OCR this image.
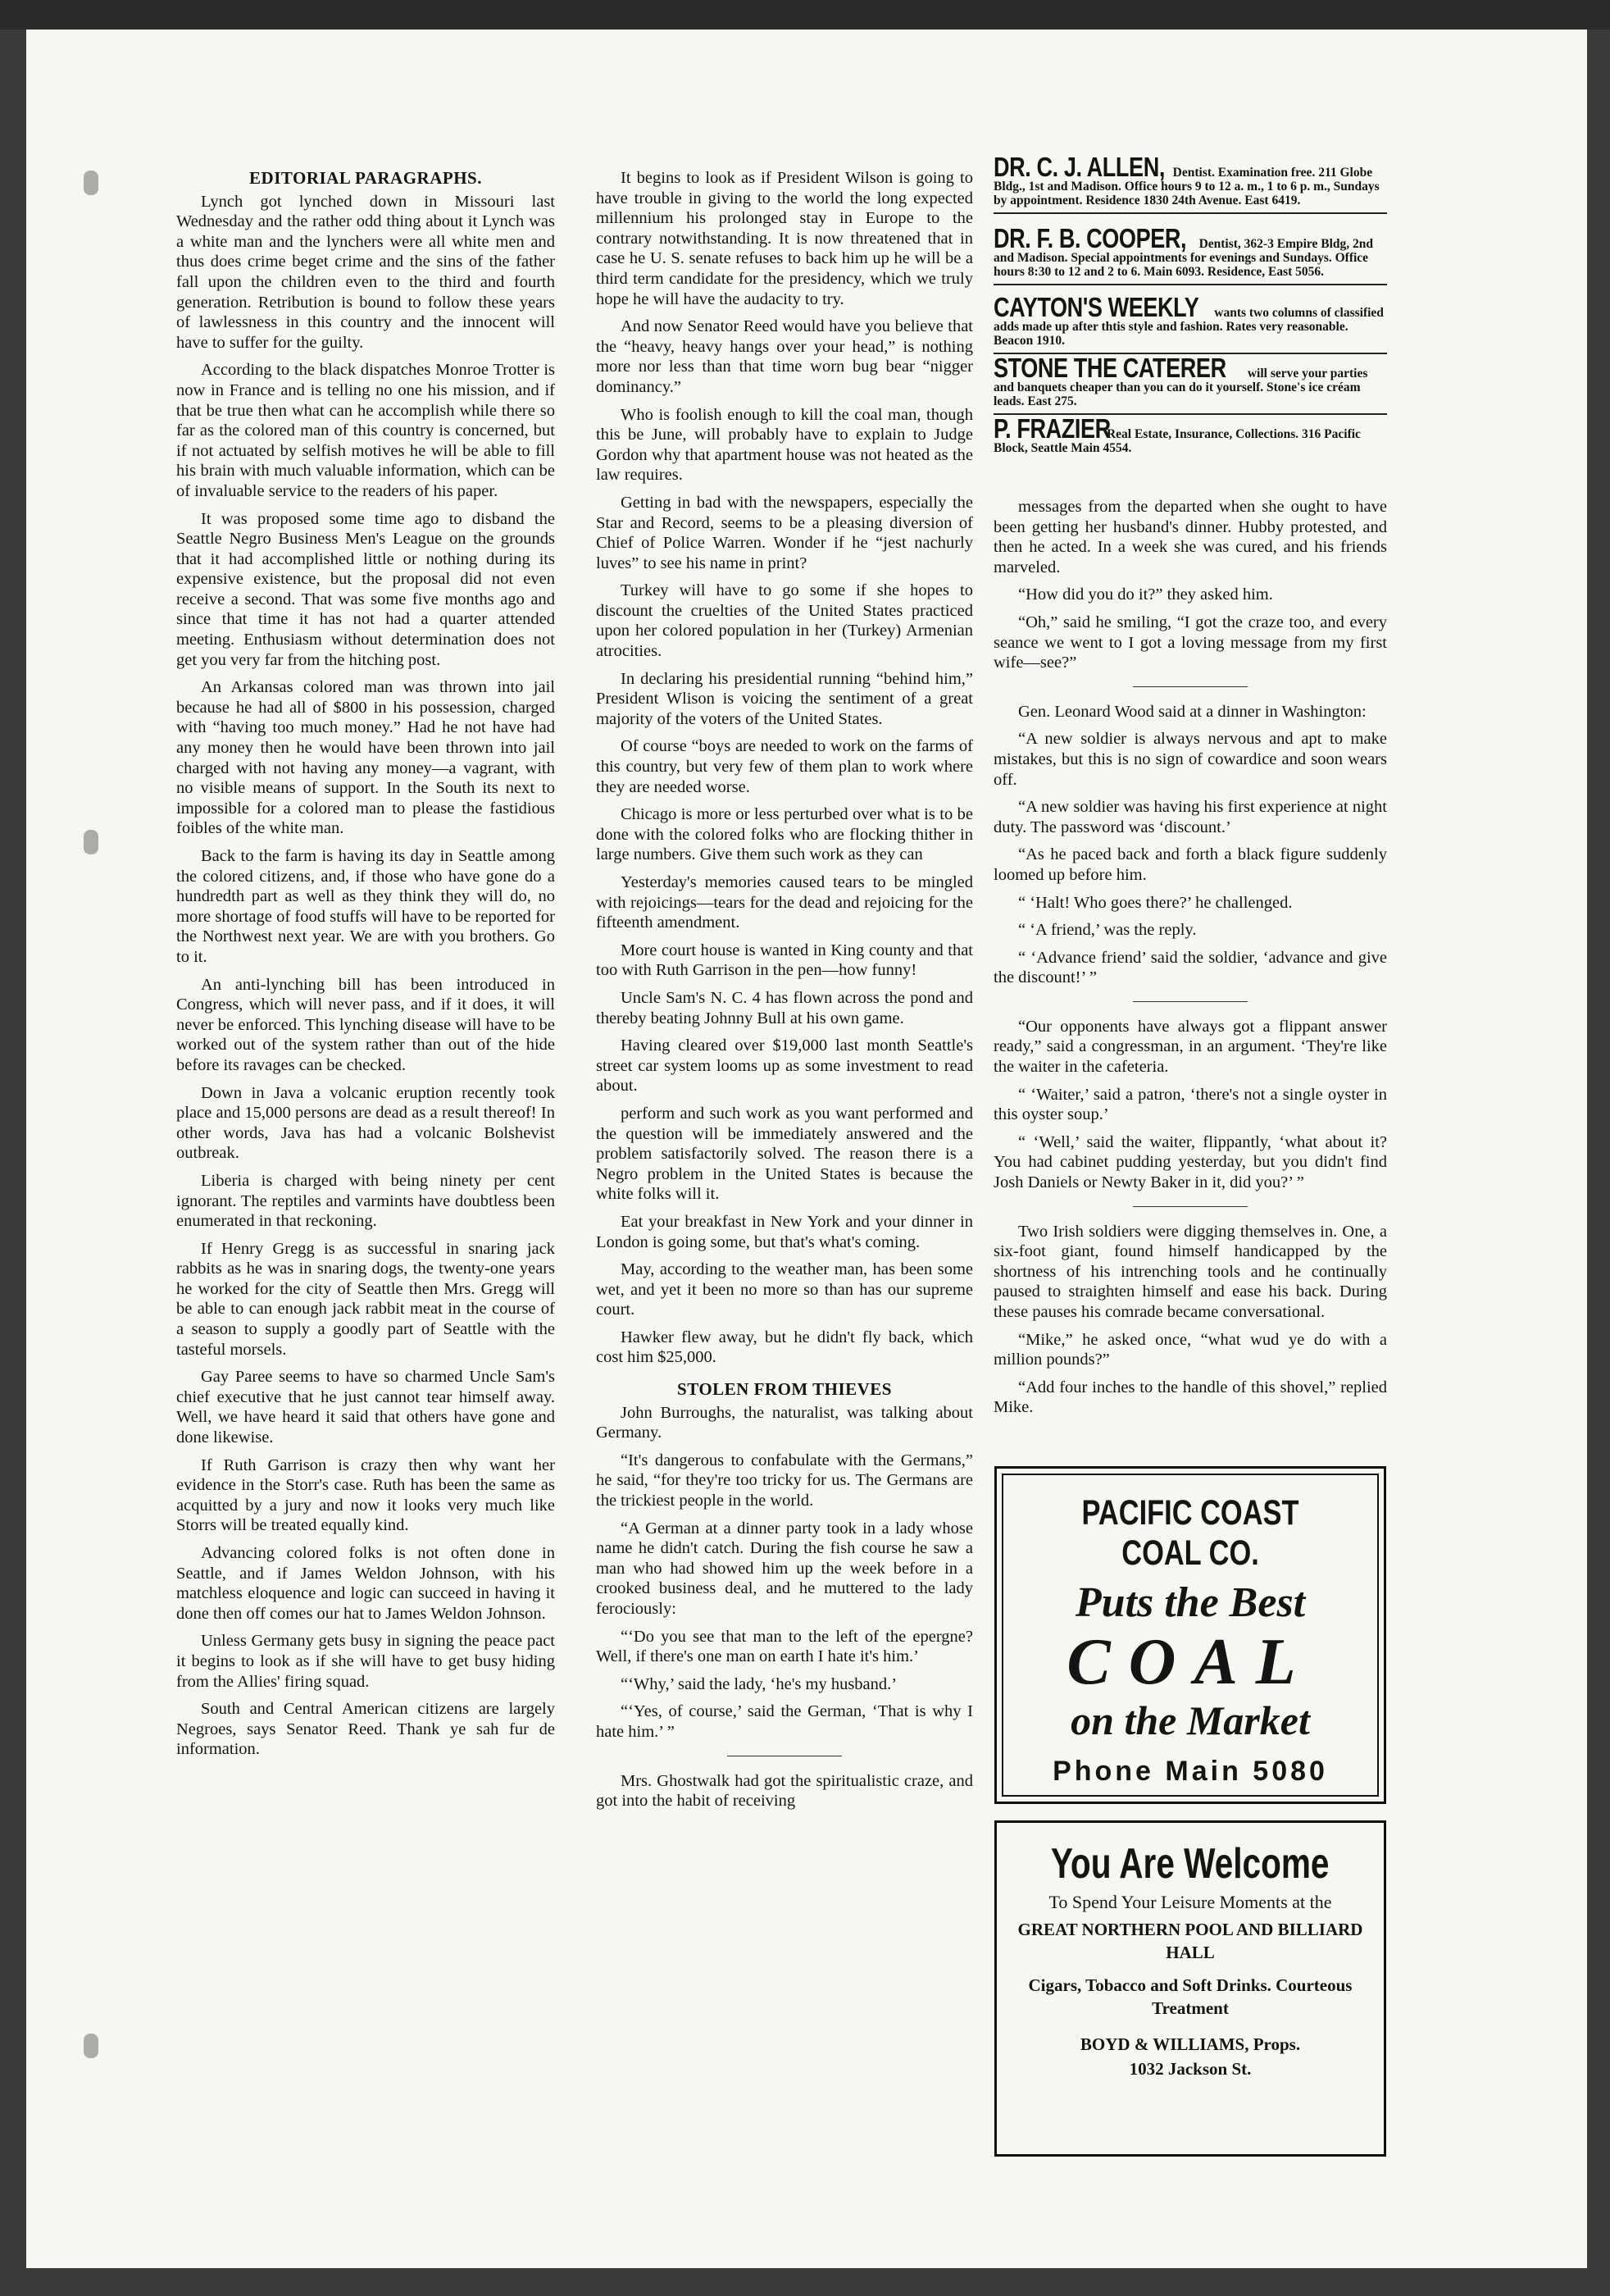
EDITORIAL PARAGRAPHS.

Lynch got lynched down in Missouri last Wednesday and the rather odd thing about it Lynch was a white man and the lynchers were all white men and thus does crime beget crime and the sins of the father fall upon the children even to the third and fourth generation. Retribution is bound to follow these years of lawlessness in this country and the innocent will have to suffer for the guilty.

According to the black dispatches Monroe Trotter is now in France and is telling no one his mission, and if that be true then what can he accomplish while there so far as the colored man of this country is concerned, but if not actuated by selfish motives he will be able to fill his brain with much valuable information, which can be of invaluable service to the readers of his paper.

It was proposed some time ago to disband the Seattle Negro Business Men's League on the grounds that it had accomplished little or nothing during its expensive existence, but the proposal did not even receive a second. That was some five months ago and since that time it has not had a quarter attended meeting. Enthusiasm without determination does not get you very far from the hitching post.

An Arkansas colored man was thrown into jail because he had all of $800 in his possession, charged with “having too much money.” Had he not have had any money then he would have been thrown into jail charged with not having any money—a vagrant, with no visible means of support. In the South its next to impossible for a colored man to please the fastidious foibles of the white man.

Back to the farm is having its day in Seattle among the colored citizens, and, if those who have gone do a hundredth part as well as they think they will do, no more shortage of food stuffs will have to be reported for the Northwest next year. We are with you brothers. Go to it.

An anti-lynching bill has been introduced in Congress, which will never pass, and if it does, it will never be enforced. This lynching disease will have to be worked out of the system rather than out of the hide before its ravages can be checked.

Down in Java a volcanic eruption recently took place and 15,000 persons are dead as a result thereof! In other words, Java has had a volcanic Bolshevist outbreak.

Liberia is charged with being ninety per cent ignorant. The reptiles and varmints have doubtless been enumerated in that reckoning.

If Henry Gregg is as successful in snaring jack rabbits as he was in snaring dogs, the twenty-one years he worked for the city of Seattle then Mrs. Gregg will be able to can enough jack rabbit meat in the course of a season to supply a goodly part of Seattle with the tasteful morsels.

Gay Paree seems to have so charmed Uncle Sam's chief executive that he just cannot tear himself away. Well, we have heard it said that others have gone and done likewise.

If Ruth Garrison is crazy then why want her evidence in the Storr's case. Ruth has been the same as acquitted by a jury and now it looks very much like Storrs will be treated equally kind.

Advancing colored folks is not often done in Seattle, and if James Weldon Johnson, with his matchless eloquence and logic can succeed in having it done then off comes our hat to James Weldon Johnson.

Unless Germany gets busy in signing the peace pact it begins to look as if she will have to get busy hiding from the Allies' firing squad.

South and Central American citizens are largely Negroes, says Senator Reed. Thank ye sah fur de information.

It begins to look as if President Wilson is going to have trouble in giving to the world the long expected millennium his prolonged stay in Europe to the contrary notwithstanding. It is now threatened that in case he U. S. senate refuses to back him up he will be a third term candidate for the presidency, which we truly hope he will have the audacity to try.

And now Senator Reed would have you believe that the “heavy, heavy hangs over your head,” is nothing more nor less than that time worn bug bear “nigger dominancy.”

Who is foolish enough to kill the coal man, though this be June, will probably have to explain to Judge Gordon why that apartment house was not heated as the law requires.

Getting in bad with the newspapers, especially the Star and Record, seems to be a pleasing diversion of Chief of Police Warren. Wonder if he “jest nachurly luves” to see his name in print?

Turkey will have to go some if she hopes to discount the cruelties of the United States practiced upon her colored population in her (Turkey) Armenian atrocities.

In declaring his presidential running “behind him,” President Wlison is voicing the sentiment of a great majority of the voters of the United States.

Of course “boys are needed to work on the farms of this country, but very few of them plan to work where they are needed worse.

Chicago is more or less perturbed over what is to be done with the colored folks who are flocking thither in large numbers. Give them such work as they can

Yesterday's memories caused tears to be mingled with rejoicings—tears for the dead and rejoicing for the fifteenth amendment.

More court house is wanted in King county and that too with Ruth Garrison in the pen—how funny!

Uncle Sam's N. C. 4 has flown across the pond and thereby beating Johnny Bull at his own game.

Having cleared over $19,000 last month Seattle's street car system looms up as some investment to read about.

perform and such work as you want performed and the question will be immediately answered and the problem satisfactorily solved. The reason there is a Negro problem in the United States is because the white folks will it.

Eat your breakfast in New York and your dinner in London is going some, but that's what's coming.

May, according to the weather man, has been some wet, and yet it been no more so than has our supreme court.

Hawker flew away, but he didn't fly back, which cost him $25,000.

STOLEN FROM THIEVES

John Burroughs, the naturalist, was talking about Germany.

“It's dangerous to confabulate with the Germans,” he said, “for they're too tricky for us. The Germans are the trickiest people in the world.

“A German at a dinner party took in a lady whose name he didn't catch. During the fish course he saw a man who had showed him up the week before in a crooked business deal, and he muttered to the lady ferociously:

“‘Do you see that man to the left of the epergne? Well, if there's one man on earth I hate it's him.’

“‘Why,’ said the lady, ‘he's my husband.’

“‘Yes, of course,’ said the German, ‘That is why I hate him.’ ”

Mrs. Ghostwalk had got the spiritualistic craze, and got into the habit of receiving

DR. C. J. ALLEN, Dentist. Examination free. 211 Globe Bldg., 1st and Madison. Office hours 9 to 12 a. m., 1 to 6 p. m., Sundays by appointment. Residence 1830 24th Avenue. East 6419.
DR. F. B. COOPER, Dentist, 362-3 Empire Bldg, 2nd and Madison. Special appointments for evenings and Sundays. Office hours 8:30 to 12 and 2 to 6. Main 6093. Residence, East 5056.
CAYTON'S WEEKLY wants two columns of classified adds made up after thtis style and fashion. Rates very reasonable. Beacon 1910.
STONE THE CATERER will serve your parties and banquets cheaper than you can do it yourself. Stone's ice créam leads. East 275.
P. FRAZIER Real Estate, Insurance, Collections. 316 Pacific Block, Seattle Main 4554.

messages from the departed when she ought to have been getting her husband's dinner. Hubby protested, and then he acted. In a week she was cured, and his friends marveled.

“How did you do it?” they asked him.

“Oh,” said he smiling, “I got the craze too, and every seance we went to I got a loving message from my first wife—see?”

Gen. Leonard Wood said at a dinner in Washington:

“A new soldier is always nervous and apt to make mistakes, but this is no sign of cowardice and soon wears off.

“A new soldier was having his first experience at night duty. The password was ‘discount.’

“As he paced back and forth a black figure suddenly loomed up before him.

“ ‘Halt! Who goes there?’ he challenged.

“ ‘A friend,’ was the reply.

“ ‘Advance friend’ said the soldier, ‘advance and give the discount!’ ”

“Our opponents have always got a flippant answer ready,” said a congressman, in an argument. ‘They're like the waiter in the cafeteria.

“ ‘Waiter,’ said a patron, ‘there's not a single oyster in this oyster soup.’

“ ‘Well,’ said the waiter, flippantly, ‘what about it? You had cabinet pudding yesterday, but you didn't find Josh Daniels or Newty Baker in it, did you?’ ”

Two Irish soldiers were digging themselves in. One, a six-foot giant, found himself handicapped by the shortness of his intrenching tools and he continually paused to straighten himself and ease his back. During these pauses his comrade became conversational.

“Mike,” he asked once, “what wud ye do with a million pounds?”

“Add four inches to the handle of this shovel,” replied Mike.

PACIFIC COAST COAL CO.
Puts the Best
COAL
on the Market
Phone Main 5080
You Are Welcome
To Spend Your Leisure Moments at the
GREAT NORTHERN POOL AND BILLIARD HALL
Cigars, Tobacco and Soft Drinks. Courteous Treatment
BOYD & WILLIAMS, Props.
1032 Jackson St.
